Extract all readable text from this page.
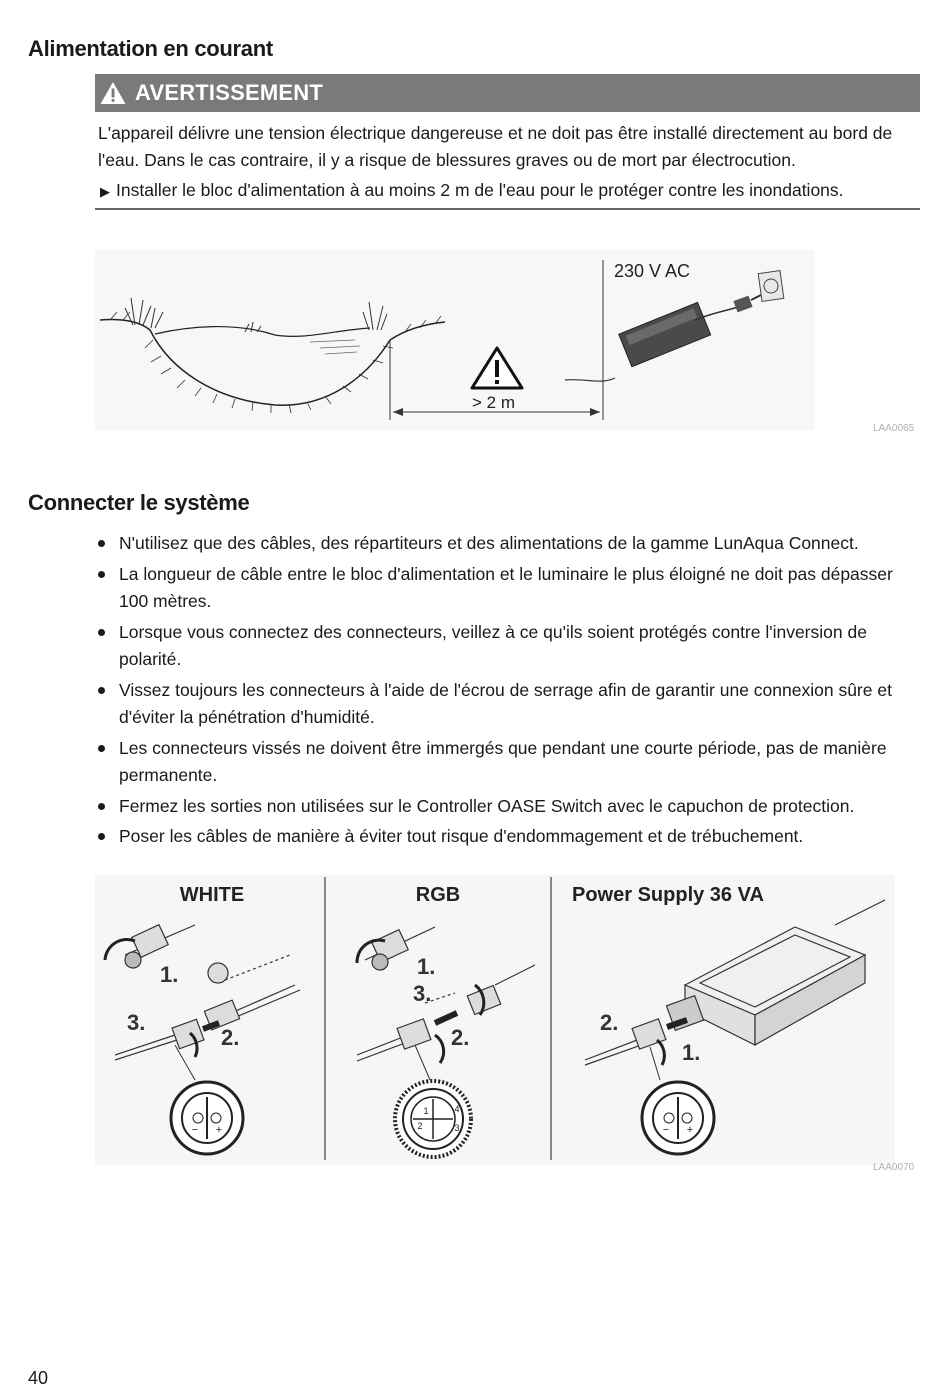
Alimentation en courant
AVERTISSEMENT

L'appareil délivre une tension électrique dangereuse et ne doit pas être installé directement au bord de l'eau. Dans le cas contraire, il y a risque de blessures graves ou de mort par électrocution.

▶ Installer le bloc d'alimentation à au moins 2 m de l'eau pour le protéger contre les inondations.
> 2 m
230 V AC
LAA0065
Connecter le système
N'utilisez que des câbles, des répartiteurs et des alimentations de la gamme LunAqua Connect.
La longueur de câble entre le bloc d'alimentation et le luminaire le plus éloigné ne doit pas dépasser 100 mètres.
Lorsque vous connectez des connecteurs, veillez à ce qu'ils soient protégés contre l'inversion de polarité.
Vissez toujours les connecteurs à l'aide de l'écrou de serrage afin de garantir une connexion sûre et d'éviter la pénétration d'humidité.
Les connecteurs vissés ne doivent être immergés que pendant une courte période, pas de manière permanente.
Fermez les sorties non utilisées sur le Controller OASE Switch avec le capuchon de protection.
Poser les câbles de manière à éviter tout risque d'endommagement et de trébuchement.
WHITE	RGB	Power Supply 36 VA
1.
2.
3.
− +
1.
2.
3.
1
2	3
4
1.
2.
− +
LAA0070
40
